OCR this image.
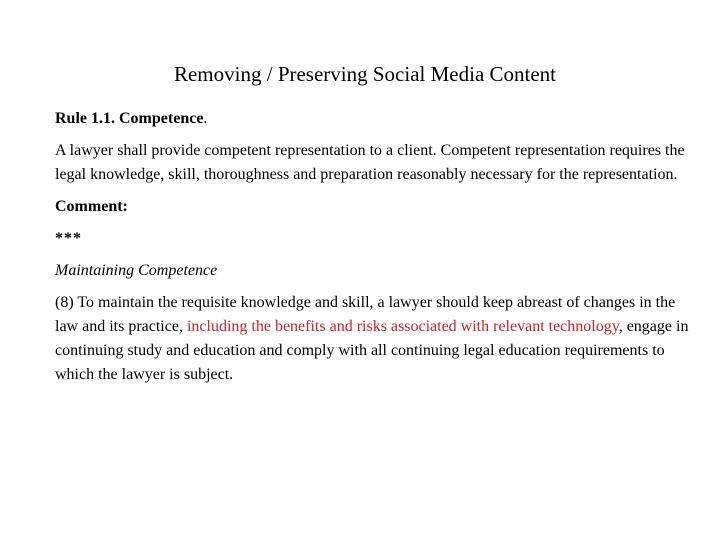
Removing / Preserving Social Media Content

Rule 1.1. Competence.

A lawyer shall provide competent representation to a client. Competent representation requires the legal knowledge, skill, thoroughness and preparation reasonably necessary for the representation.

Comment:

***

Maintaining Competence

(8) To maintain the requisite knowledge and skill, a lawyer should keep abreast of changes in the law and its practice, including the benefits and risks associated with relevant technology, engage in continuing study and education and comply with all continuing legal education requirements to which the lawyer is subject.
